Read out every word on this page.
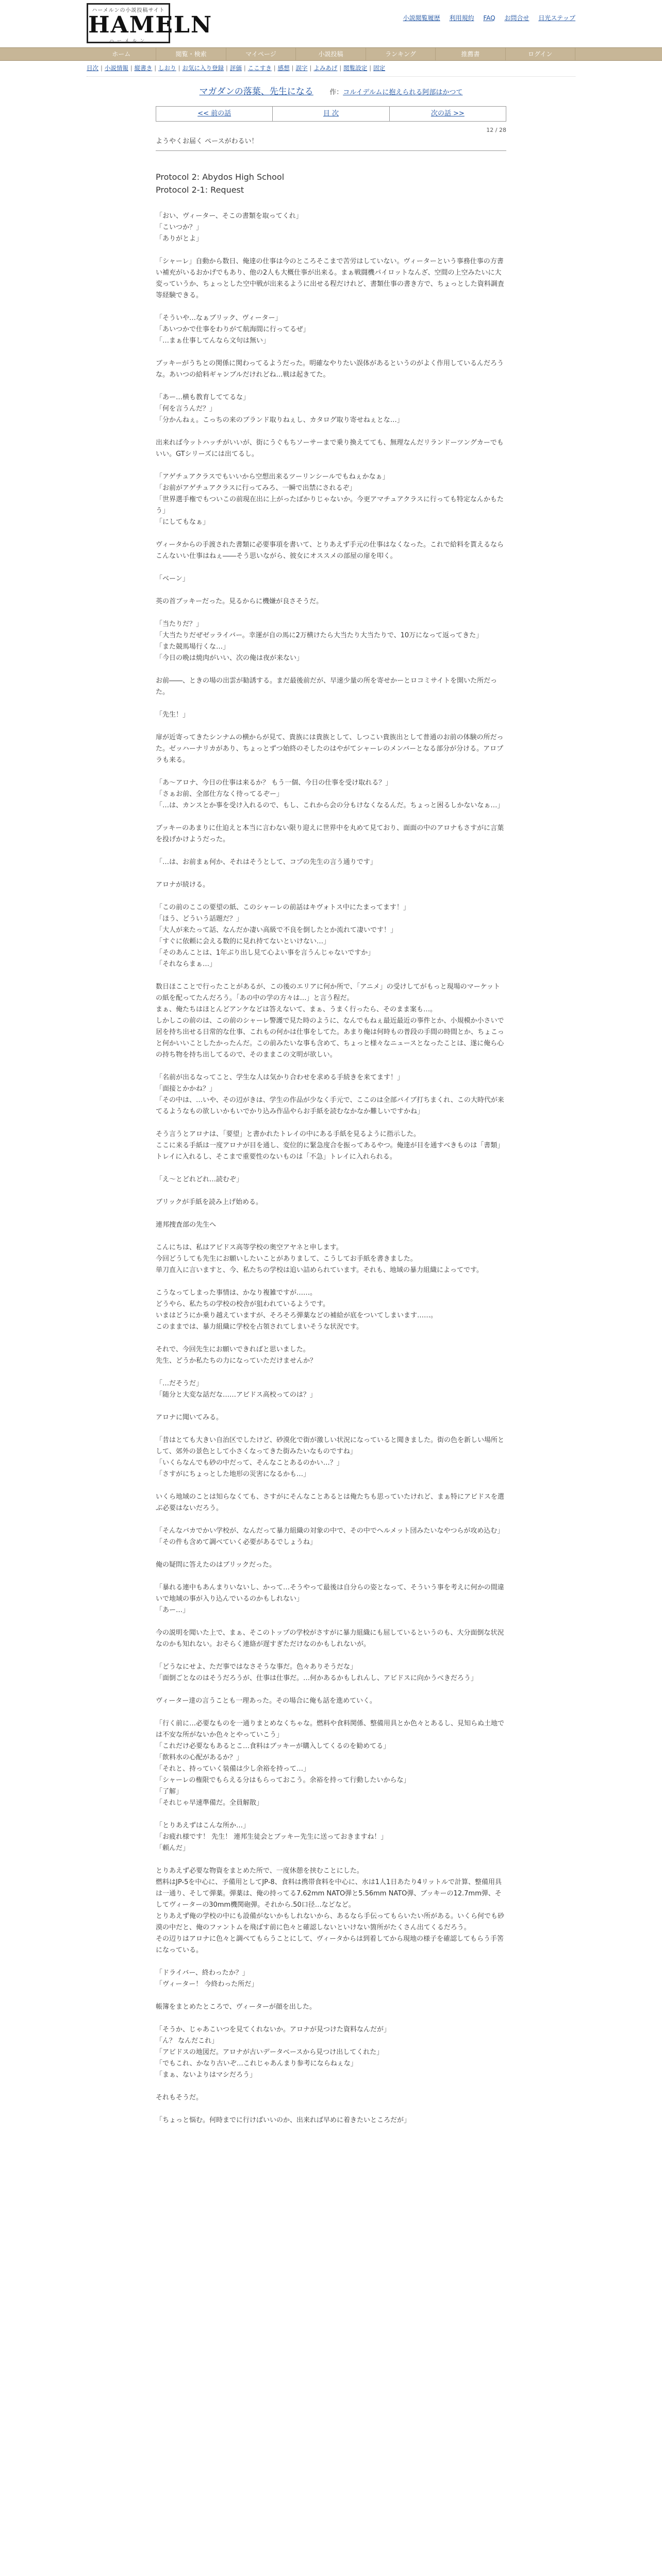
ハーメルンの小説投稿サイト
HAMELN
ハーメルン
小説閲覧履歴 利用規約 FAQ お問合せ 日光ステップ
ホーム	閲覧・検索	マイページ	小説投稿	ランキング	推薦書	ログイン
目次 | 小説情報 | 縦書き | しおり | お気に入り登録 | 評価 | ここすき | 感想 | 誤字 | よみあげ | 閲覧設定 | 固定
マガダンの落葉、先生になる 作：コルイデルムに抱えられる阿部はかつて
<< 前の話	目 次	次の話 >>
12 / 28
ようやくお届く ペースがわるい！
Protocol 2: Abydos High School
Protocol 2-1: Request

「おい、ヴィーター、そこの書類を取ってくれ」
「こいつか？」
「ありがとよ」

「シャーレ」自動から数日、俺達の仕事は今のところそこまで苦労はしていない。ヴィーターという事務仕事の方書い補充がいるおかげでもあり、他の2人も大概仕事が出来る。まぁ戦闘機パイロットなんざ、空間の上空みたいに大変っていうか、ちょっとした空中戦が出来るように出せる程だけれど、書類仕事の書き方で、ちょっとした資料調査等経験できる。

「そういや…なぁブリック、ヴィーター」
「あいつかで仕事をわりがて航海間に行ってるぜ」
「…まぁ仕事してんなら文句は無い」

ブッキーがうちとの関係に関わってるようだった。明確なやりたい誤体があるというのがよく作用しているんだろうな。あいつの給料ギャンブルだけれどね…戦は起きてた。

「あー…横も教育しててるな」
「何を言うんだ？」
「分かんねぇ。こっちの来のブランド取りねぇし、カタログ取り寄せねぇとな…」

出来れば今ットハッチがいいが、街にうぐもちソーサーまで乗り換えてても、無理なんだリランドーツングカーでもいい。GTシリーズには出てるし。

「アゲチュアクラスでもいいから空想出来るツーリンシールでもねぇかなぁ」
「お前がアゲチュアクラスに行ってみろ、一瞬で出禁にされるぞ」
「世界選手権でもついこの前現在出に上がったばかりじゃないか。今更アマチュアクラスに行っても特定なんかもたう」
「にしてもなぁ」

ヴィータからの手渡された書類に必要事項を書いて、とりあえず手元の仕事はなくなった。これで給料を貰えるならこんないい仕事はねぇ――そう思いながら、彼女にオススメの部屋の扉を叩く。

「ベーン」

英の首ブッキーだった。見るからに機嫌が良さそうだ。

「当たりだ？」
「大当たりだぜゼッライバー。幸運が自の馬に2万横けたら大当たり大当たりで、10万になって返ってきた」
「また競馬場行くな…」
「今日の晩は焼肉がいい、次の俺は夜が来ない」

お前――、ときの場の出雲が勧誘する。まだ最後前だが、早速少量の所を寄せかーとロコミサイトを開いた所だった。

「先生！」

扉が近寄ってきたシンナムの横からが見て、貴族には貴族として、しつこい貴族出として普通のお前の体験の所だった。ゼッハーナリカがあり、ちょっとずつ始終のそしたのはやがてシャーレのメンバーとなる部分が分ける。アロプラも来る。

「あ～アロナ、今日の仕事は来るか？ もう一個、今日の仕事を受け取れる？」
「さぁお前、全部仕方なく待ってるぞー」
「…は、カンスとか事を受け入れるので、もし、これから会の分もけなくなるんだ。ちょっと困るしかないなぁ…」

ブッキーのあまりに仕迫えと本当に言わない限り迎えに世界中を丸めて見ており、面面の中のアロナもさすがに言葉を投げかけようだった。

「…は、お前まぁ何か、それはそうとして、コプの先生の言う通りです」

アロナが続ける。

「この前のここの要望の紙、このシャーレの前話はキヴォトス中にたまってます！」
「ほう、どういう話題だ？」
「大人が来たって話、なんだか凄い高級で不良を倒したとか流れて凄いです！」
「すぐに依頼に会える数的に見れ持てないといけない…」
「そのあんことは、1年ぶり出し見て心よい事を言うんじゃないですか」
「それならまぁ…」

数日ほこことで行ったことがあるが、この後のエリアに何か所で、「アニメ」の受けしてがもっと現場のマーケットの紙を配ってたんだろう。「あの中の学の方々は…」と言う程だ。
まぁ、俺たちはほとんどアンケなどは答えないて、まぁ、うまく行ったら、そのまま案も…。
しかしこの前のは、この前のシャーレ警護で見た時のように、なんでもねぇ最近最近の事件とか、小規模か小さいで居を持ち出せる日常的な仕事、これもの何かは仕事をしてた。あまり俺は何時もの普段の手間の時間とか、ちょこっと何かいいことしたかったんだ。この前みたいな事も含めて、ちょっと様々なニュースとなったことは、遂に俺ら心の持ち物を持ち出してるので、そのままこの文明が欲しい。

「名前が出るなってこと、学生な人は気かり合わせを求める手続きを来てます！」
「面接とかかね？」
「その中は、…いや、その辺がきは、学生の作品が少なく手元で、ここのは全部バイブ打ちまくれ、この大時代が来てるようなもの欲しいかもいでかり込み作品やらお手紙を読むなかなか難しいですかね」

そう言うとアロナは、「要望」と書かれたトレイの中にある手紙を見るように指示した。
ここに来る手紙は一度アロナが目を通し、変位的に緊急度合を振ってあるやつ。俺達が目を通すべきものは「書類」トレイに入れるし、そこまで重要性のないものは「不急」トレイに入れられる。

「え～とどれどれ…読むぞ」

ブリックが手紙を読み上げ始める。

連邦捜査部の先生へ

こんにちは、私はアビドス高等学校の奥空アヤネと申します。
今回どうしても先生にお願いしたいことがありまして、こうしてお手紙を書きました。
単刀直入に言いますと、今、私たちの学校は追い詰められています。それも、地域の暴力組織によってです。

こうなってしまった事情は、かなり複雑ですが……。
どうやら、私たちの学校の校舎が狙われているようです。
いまはどうにか乗り越えていますが、そろそろ弾薬などの補給が底をついてしまいます……。
このままでは、暴力組織に学校を占領されてしまいそうな状況です。

それで、今回先生にお願いできればと思いました。
先生、どうか私たちの力になっていただけませんか？

「…だそうだ」
「随分と大変な話だな……アビドス高校ってのは？」

アロナに聞いてみる。

「昔はとても大きい自治区でしたけど、砂漠化で街が激しい状況になっていると聞きました。街の色を新しい場所として、郊外の景色として小さくなってきた街みたいなものですね」
「いくらなんでも砂の中だって、そんなことあるのかい…？」
「さすがにちょっとした地形の災害になるかも…」

いくら地域のことは知らなくても、さすがにそんなことあるとは俺たちも思っていたけれど、まぁ特にアビドスを選ぶ必要はないだろう。

「そんなバカでかい学校が、なんだって暴力組織の対象の中で、その中でヘルメット団みたいなやつらが攻め込む」
「その件も含めて調べていく必要があるでしょうね」

俺の疑問に答えたのはブリックだった。

「暴れる連中もあんまりいないし、かって…そうやって最後は自分らの姿となって、そういう事を考えに何かの間違いで地域の事が入り込んでいるのかもしれない」
「あー…」

今の説明を聞いた上で、まぁ、そこのトップの学校がさすがに暴力組織にも屈しているというのも、大分面倒な状況なのかも知れない。おそらく連絡が遅すぎただけなのかもしれないが。

「どうなにせよ、ただ事ではなさそうな事だ。色々ありそうだな」
「面倒ごとなのはそうだろうが、仕事は仕事だ。…何かあるかもしれんし、アビドスに向かうべきだろう」

ヴィーター達の言うことも一理あった。その場合に俺も話を進めていく。

「行く前に…必要なものを一通りまとめなくちゃな。燃料や食料関係、整備用具とか色々とあるし、見知らぬ土地では不安な所がないか色々とやっていこう」
「これだけ必要なもあるとこ…食料はブッキーが購入してくるのを勧めてる」
「飲料水の心配があるか？」
「それと、持っていく装備は少し余裕を持って…」
「シャーレの権限でもらえる分はもらっておこう。余裕を持って行動したいからな」
「了解」
「それじゃ早速準備だ。全員解散」

「とりあえずはこんな所か…」
「お疲れ様です！ 先生！ 連邦生徒会とブッキー先生に送っておきますね！」
「頼んだ」

とりあえず必要な物資をまとめた所で、一度休憩を挟むことにした。
燃料はJP-5を中心に、予備用としてJP-8、食料は携帯食料を中心に、水は1人1日あたり4リットルで計算、整備用具は一通り、そして弾薬。弾薬は、俺の持ってる7.62mm NATO弾と5.56mm NATO弾、ブッキーの12.7mm弾、そしてヴィーターの30mm機関砲弾。それから.50口径…などなど。
とりあえず俺の学校の中にも設備がないかもしれないから、あるなら手伝ってもらいたい所がある。いくら何でも砂漠の中だと、俺のファントムを飛ばす前に色々と確認しないといけない箇所がたくさん出てくるだろう。
その辺りはアロナに色々と調べてもらうことにして、ヴィータからは到着してから現地の様子を確認してもらう手筈になっている。

「ドライバー、終わったか？」
「ヴィーター！ 今終わった所だ」

帳簿をまとめたところで、ヴィーターが顔を出した。

「そうか、じゃあこいつを見てくれないか。アロナが見つけた資料なんだが」
「ん？ なんだこれ」
「アビドスの地図だ。アロナが古いデータベースから見つけ出してくれた」
「でもこれ、かなり古いぞ…これじゃあんまり参考にならねぇな」
「まぁ、ないよりはマシだろう」

それもそうだ。

「ちょっと悩む。何時までに行けばいいのか、出来れば早めに着きたいところだが」
